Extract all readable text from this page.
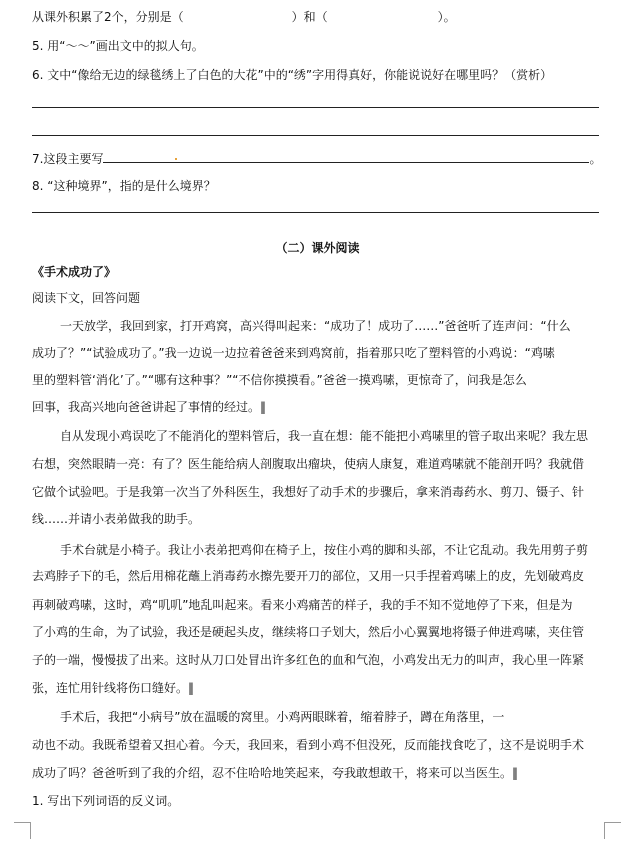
从课外积累了2个，分别是（	）和（	）。
5. 用“～～”画出文中的拟人句。
6. 文中“像给无边的绿毯绣上了白色的大花”中的“绣”字用得真好，你能说说好在哪里吗？（赏析）
7.这段主要写	。
8. “这种境界”，指的是什么境界？
（二）课外阅读
《手术成功了》
阅读下文，回答问题
一天放学，我回到家，打开鸡窝，高兴得叫起来：“成功了！成功了……”爸爸听了连声问：“什么
成功了？”“试验成功了。”我一边说一边拉着爸爸来到鸡窝前，指着那只吃了塑料管的小鸡说：“鸡嗉
里的塑料管‘消化’了。”“哪有这种事？”“不信你摸摸看。”爸爸一摸鸡嗉，更惊奇了，问我是怎么
回事，我高兴地向爸爸讲起了事情的经过。‖
自从发现小鸡误吃了不能消化的塑料管后，我一直在想：能不能把小鸡嗉里的管子取出来呢？我左思
右想，突然眼睛一亮：有了？医生能给病人剖腹取出瘤块，使病人康复，难道鸡嗉就不能剖开吗？我就借
它做个试验吧。于是我第一次当了外科医生，我想好了动手术的步骤后，拿来消毒药水、剪刀、镊子、针
线……并请小表弟做我的助手。
手术台就是小椅子。我让小表弟把鸡仰在椅子上，按住小鸡的脚和头部，不让它乱动。我先用剪子剪
去鸡脖子下的毛，然后用棉花蘸上消毒药水擦先要开刀的部位，又用一只手捏着鸡嗉上的皮，先划破鸡皮
再刺破鸡嗉，这时，鸡“叽叽”地乱叫起来。看来小鸡痛苦的样子，我的手不知不觉地停了下来，但是为
了小鸡的生命，为了试验，我还是硬起头皮，继续将口子划大，然后小心翼翼地将镊子伸进鸡嗉，夹住管
子的一端，慢慢拔了出来。这时从刀口处冒出许多红色的血和气泡，小鸡发出无力的叫声，我心里一阵紧
张，连忙用针线将伤口缝好。‖
手术后，我把“小病号”放在温暖的窝里。小鸡两眼眯着，缩着脖子，蹲在角落里，一
动也不动。我既希望着又担心着。今天，我回来，看到小鸡不但没死，反而能找食吃了，这不是说明手术
成功了吗？爸爸听到了我的介绍，忍不住哈哈地笑起来，夸我敢想敢干，将来可以当医生。‖
1. 写出下列词语的反义词。
